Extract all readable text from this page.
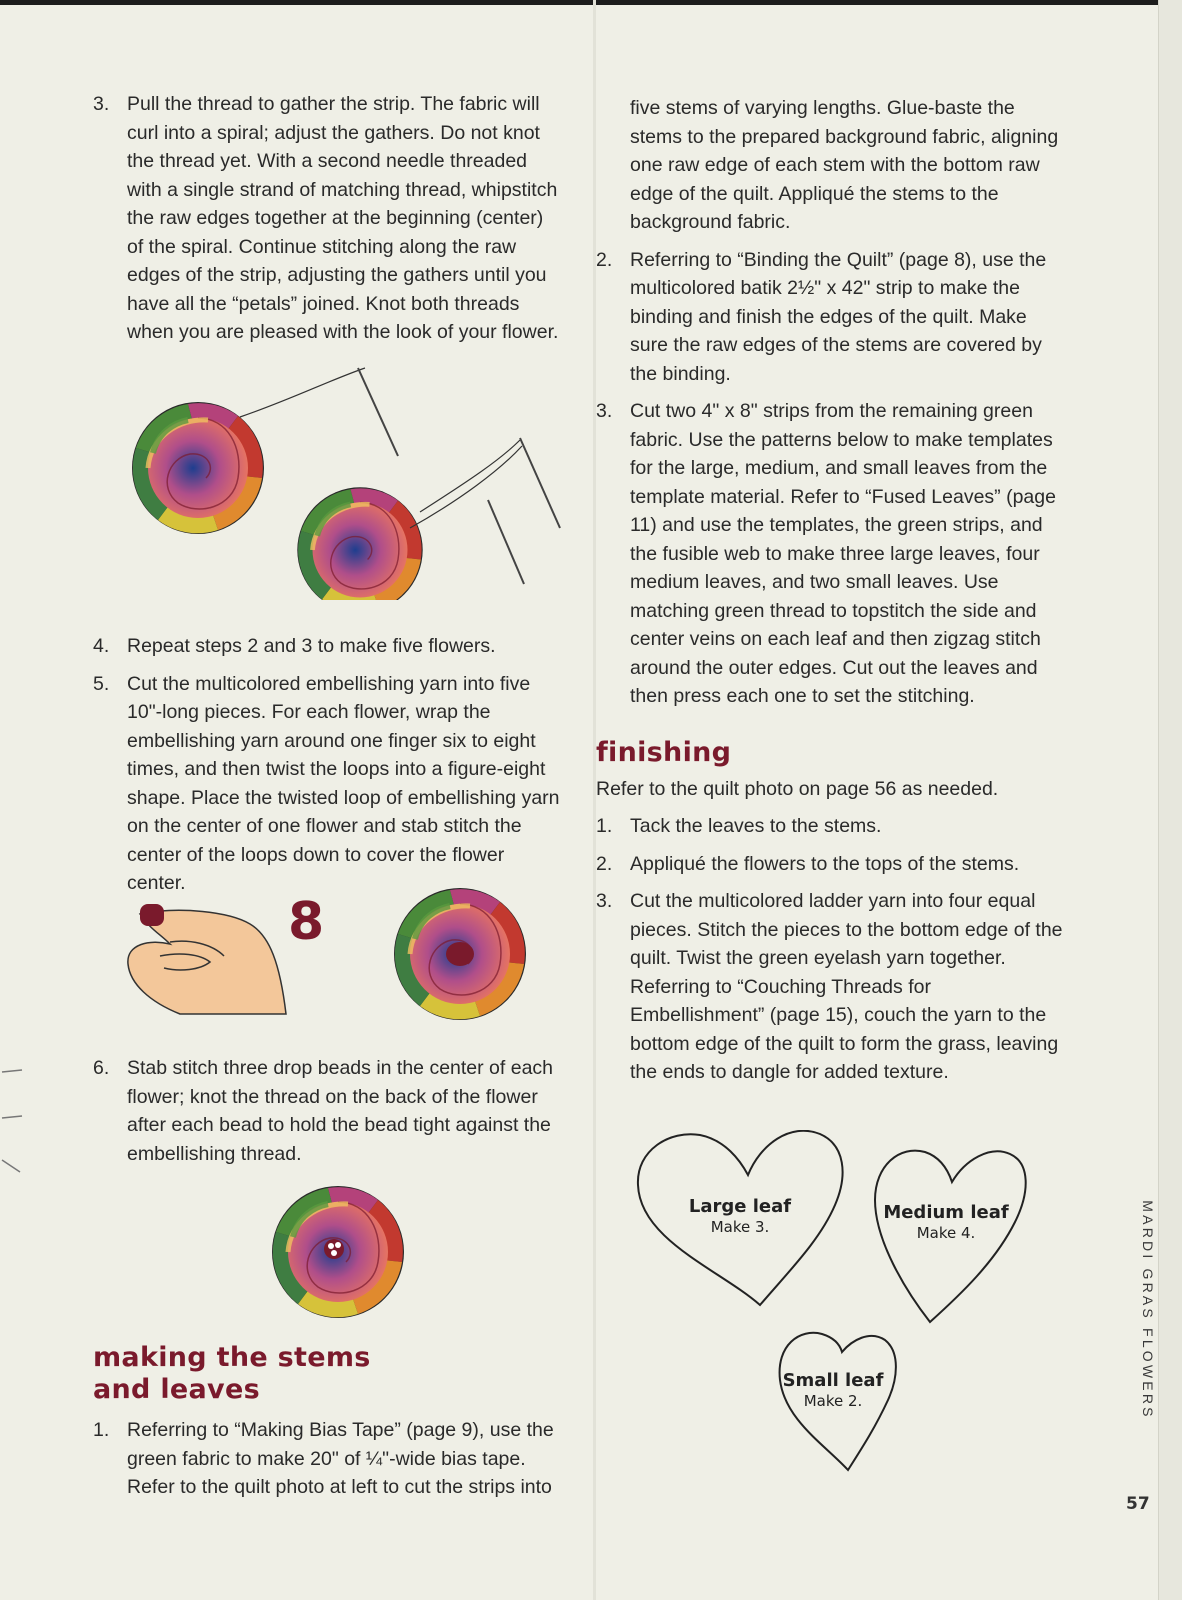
3. Pull the thread to gather the strip. The fabric will curl into a spiral; adjust the gathers. Do not knot the thread yet. With a second needle threaded with a single strand of matching thread, whipstitch the raw edges together at the beginning (center) of the spiral. Continue stitching along the raw edges of the strip, adjusting the gathers until you have all the “petals” joined. Knot both threads when you are pleased with the look of your flower.
4. Repeat steps 2 and 3 to make five flowers.
5. Cut the multicolored embellishing yarn into five 10"-long pieces. For each flower, wrap the embellishing yarn around one finger six to eight times, and then twist the loops into a figure-eight shape. Place the twisted loop of embellishing yarn on the center of one flower and stab stitch the center of the loops down to cover the flower center.
8
6. Stab stitch three drop beads in the center of each flower; knot the thread on the back of the flower after each bead to hold the bead tight against the embellishing thread.
making the stems
and leaves
1. Referring to “Making Bias Tape” (page 9), use the green fabric to make 20" of ¼"-wide bias tape. Refer to the quilt photo at left to cut the strips into
five stems of varying lengths. Glue-baste the stems to the prepared background fabric, aligning one raw edge of each stem with the bottom raw edge of the quilt. Appliqué the stems to the background fabric.
2. Referring to “Binding the Quilt” (page 8), use the multicolored batik 2½" x 42" strip to make the binding and finish the edges of the quilt. Make sure the raw edges of the stems are covered by the binding.
3. Cut two 4" x 8" strips from the remaining green fabric. Use the patterns below to make templates for the large, medium, and small leaves from the template material. Refer to “Fused Leaves” (page 11) and use the templates, the green strips, and the fusible web to make three large leaves, four medium leaves, and two small leaves. Use matching green thread to topstitch the side and center veins on each leaf and then zigzag stitch around the outer edges. Cut out the leaves and then press each one to set the stitching.
finishing
Refer to the quilt photo on page 56 as needed.
1. Tack the leaves to the stems.
2. Appliqué the flowers to the tops of the stems.
3. Cut the multicolored ladder yarn into four equal pieces. Stitch the pieces to the bottom edge of the quilt. Twist the green eyelash yarn together. Referring to “Couching Threads for Embellishment” (page 15), couch the yarn to the bottom edge of the quilt to form the grass, leaving the ends to dangle for added texture.
Large leaf
Make 3.
Medium leaf
Make 4.
Small leaf
Make 2.	MARDI GRAS FLOWERS
57
